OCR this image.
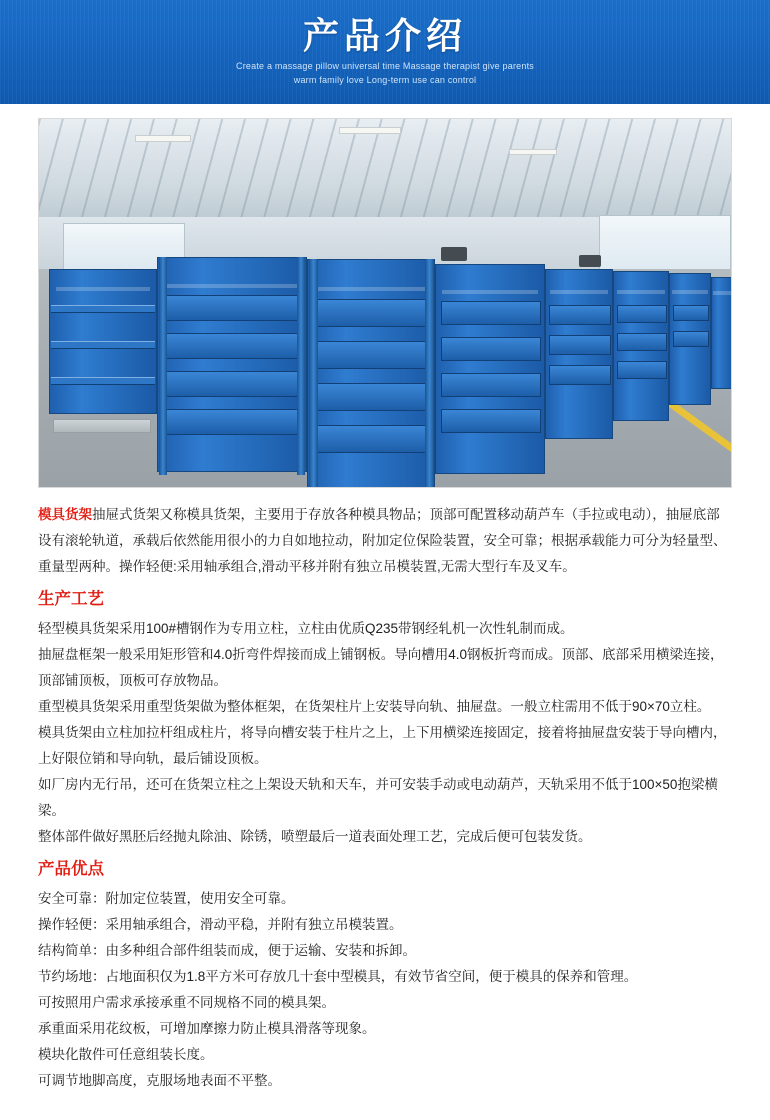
产品介绍
Create a massage pillow universal time Massage therapist give parents
warm family love Long-term use can control
模具货架抽屉式货架又称模具货架，主要用于存放各种模具物品；顶部可配置移动葫芦车（手拉或电动），抽屉底部设有滚轮轨道，承载后依然能用很小的力自如地拉动，附加定位保险装置，安全可靠；根据承载能力可分为轻量型、重量型两种。操作轻便:采用轴承组合,滑动平移并附有独立吊模装置,无需大型行车及叉车。
生产工艺

轻型模具货架采用100#槽钢作为专用立柱，立柱由优质Q235带钢经轧机一次性轧制而成。

抽屉盘框架一般采用矩形管和4.0折弯件焊接而成上铺钢板。导向槽用4.0钢板折弯而成。顶部、底部采用横梁连接，顶部铺顶板，顶板可存放物品。

重型模具货架采用重型货架做为整体框架，在货架柱片上安装导向轨、抽屉盘。一般立柱需用不低于90×70立柱。

模具货架由立柱加拉杆组成柱片，将导向槽安装于柱片之上，上下用横梁连接固定，接着将抽屉盘安装于导向槽内，上好限位销和导向轨，最后铺设顶板。

如厂房内无行吊，还可在货架立柱之上架设天轨和天车，并可安装手动或电动葫芦，天轨采用不低于100×50抱梁横梁。

整体部件做好黑胚后经抛丸除油、除锈，喷塑最后一道表面处理工艺，完成后便可包装发货。

产品优点

安全可靠：附加定位装置，使用安全可靠。

操作轻便：采用轴承组合，滑动平稳，并附有独立吊模装置。

结构简单：由多种组合部件组装而成，便于运输、安装和拆卸。

节约场地：占地面积仅为1.8平方米可存放几十套中型模具，有效节省空间，便于模具的保养和管理。

可按照用户需求承接承重不同规格不同的模具架。

承重面采用花纹板，可增加摩擦力防止模具滑落等现象。

模块化散件可任意组装长度。

可调节地脚高度，克服场地表面不平整。
